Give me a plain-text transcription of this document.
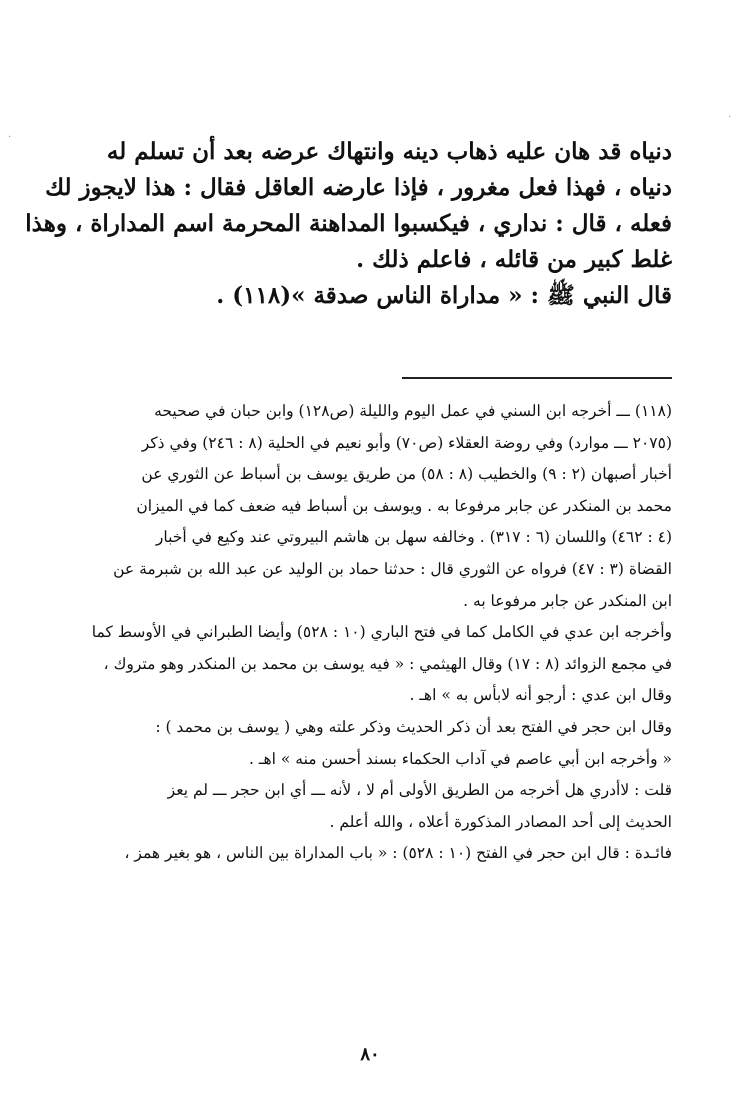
دنياه قد هان عليه ذهاب دينه وانتهاك عرضه بعد أن تسلم له
دنياه ، فهذا فعل مغرور ، فإذا عارضه العاقل فقال : هذا لايجوز لك
فعله ، قال : نداري ، فيكسبوا المداهنة المحرمة اسم المداراة ، وهذا
غلط كبير من قائله ، فاعلم ذلك .
قال النبي ﷺ : « مداراة الناس صدقة »(١١٨) .
(١١٨) ـــ أخرجه ابن السني في عمل اليوم والليلة (ص١٢٨) وابن حبان في صحيحه
(٢٠٧٥ ـــ موارد) وفي روضة العقلاء (ص٧٠) وأبو نعيم في الحلية (٨ : ٢٤٦) وفي ذكر
أخبار أصبهان (٢ : ٩) والخطيب (٨ : ٥٨) من طريق يوسف بن أسباط عن الثوري عن
محمد بن المنكدر عن جابر مرفوعا به . ويوسف بن أسباط فيه ضعف كما في الميزان
(٤ : ٤٦٢) واللسان (٦ : ٣١٧) . وخالفه سهل بن هاشم البيروتي عند وكيع في أخبار
القضاة (٣ : ٤٧) فرواه عن الثوري قال : حدثنا حماد بن الوليد عن عبد الله بن شبرمة عن
ابن المنكدر عن جابر مرفوعا به .
وأخرجه ابن عدي في الكامل كما في فتح الباري (١٠ : ٥٢٨) وأيضا الطبراني في الأوسط كما
في مجمع الزوائد (٨ : ١٧) وقال الهيثمي : « فيه يوسف بن محمد بن المنكدر وهو متروك ،
وقال ابن عدي : أرجو أنه لابأس به » اهـ .
وقال ابن حجر في الفتح بعد أن ذكر الحديث وذكر علته وهي ( يوسف بن محمد ) :
« وأخرجه ابن أبي عاصم في آداب الحكماء بسند أحسن منه » اهـ .
قلت : لاأدري هل أخرجه من الطريق الأولى أم لا ، لأنه ـــ أي ابن حجر ـــ لم يعز
الحديث إلى أحد المصادر المذكورة أعلاه ، والله أعلم .
فائـدة : قال ابن حجر في الفتح (١٠ : ٥٢٨) : « باب المداراة بين الناس ، هو بغير همز ،
٨٠
·
·
